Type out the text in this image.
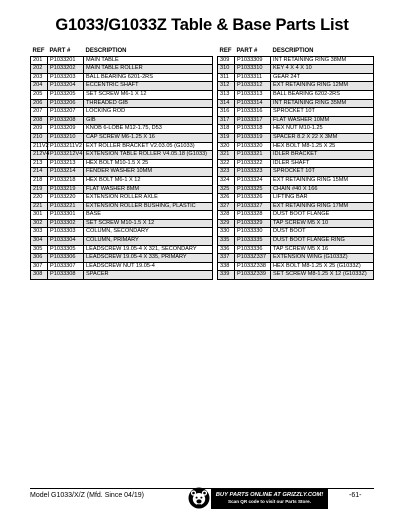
G1033/G1033Z Table & Base Parts List
REF	PART #	DESCRIPTION
201	P1033201	MAIN TABLE
202	P1033202	MAIN TABLE ROLLER
203	P1033203	BALL BEARING 6201-2RS
204	P1033204	ECCENTRIC SHAFT
205	P1033205	SET SCREW M6-1 X 12
206	P1033206	THREADED GIB
207	P1033207	LOCKING ROD
208	P1033208	GIB
209	P1033209	KNOB 6-LOBE M12-1.75, D53
210	P1033210	CAP SCREW M6-1.25 X 16
211V2	P1033211V2	EXT ROLLER BRACKET V2.03.05 (G1033)
212V4	P1033212V4	EXTENSION TABLE ROLLER V4.05.18 (G1033)
213	P1033213	HEX BOLT M10-1.5 X 25
214	P1033214	FENDER WASHER 10MM
218	P1033218	HEX BOLT M6-1 X 12
219	P1033219	FLAT WASHER 8MM
220	P1033220	EXTENSION ROLLER AXLE
221	P1033221	EXTENSION ROLLER BUSHING, PLASTIC
301	P1033301	BASE
302	P1033302	SET SCREW M10-1.5 X 12
303	P1033303	COLUMN, SECONDARY
304	P1033304	COLUMN, PRIMARY
305	P1033305	LEADSCREW 19.05-4 X 321, SECONDARY
306	P1033306	LEADSCREW 19.05-4 X 335, PRIMARY
307	P1033307	LEADSCREW NUT 19.05-4
308	P1033308	SPACER
REF	PART #	DESCRIPTION
309	P1033309	INT RETAINING RING 38MM
310	P1033310	KEY 4 X 4 X 10
311	P1033311	GEAR 24T
312	P1033312	EXT RETAINING RING 12MM
313	P1033313	BALL BEARING 6202-2RS
314	P1033314	INT RETAINING RING 35MM
316	P1033316	SPROCKET 10T
317	P1033317	FLAT WASHER 10MM
318	P1033318	HEX NUT M10-1.25
319	P1033319	SPACER 8.2 X 22 X 3MM
320	P1033320	HEX BOLT M8-1.25 X 25
321	P1033321	IDLER BRACKET
322	P1033322	IDLER SHAFT
323	P1033323	SPROCKET 10T
324	P1033324	EXT RETAINING RING 15MM
325	P1033325	CHAIN #40 X 166
326	P1033326	LIFTING BAR
327	P1033327	EXT RETAINING RING 17MM
328	P1033328	DUST BOOT FLANGE
329	P1033329	TAP SCREW M5 X 10
330	P1033330	DUST BOOT
335	P1033335	DUST BOOT FLANGE RING
336	P1033336	TAP SCREW M5 X 16
337	P1033Z337	EXTENSION WING (G1033Z)
338	P1033Z338	HEX BOLT M8-1.25 X 25 (G1033Z)
339	P1033Z339	SET SCREW M8-1.25 X 12 (G1033Z)
Model G1033/X/Z (Mfd. Since 04/19)	BUY PARTS ONLINE AT GRIZZLY.COM!
Scan QR code to visit our Parts Store.
-61-
